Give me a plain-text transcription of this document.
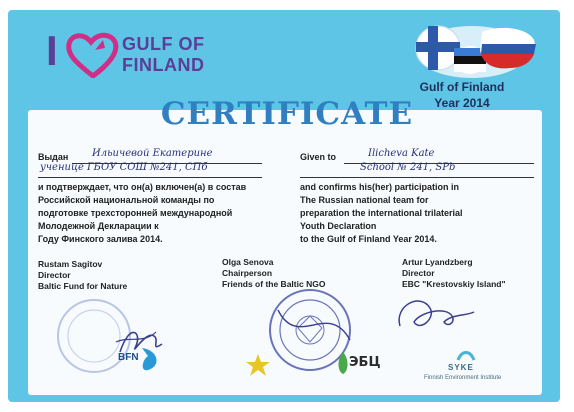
I	GULF OF
FINLAND
Gulf of Finland
Year 2014
CERTIFICATE
Выдан Ильичевой Екатерине
ученице ГБОУ СОШ №241, СПб
и подтверждает, что он(а) включен(а) в состав
Российской национальной команды по
подготовке трехсторонней международной
Молодежной Декларации к
Году Финского залива 2014.
Given to	Ilicheva Kate
School № 241, SPb
and confirms his(her) participation in
The Russian national team for
preparation the international trilaterial
Youth Declaration
to the Gulf of Finland Year 2014.
Rustam Sagitov
Director
Baltic Fund for Nature
Olga Senova
Chairperson
Friends of the Baltic NGO
Artur Lyandzberg
Director
EBC "Krestovskiy Island"
BFN	ЭБЦ	SYKE
Finnish Environment Institute
